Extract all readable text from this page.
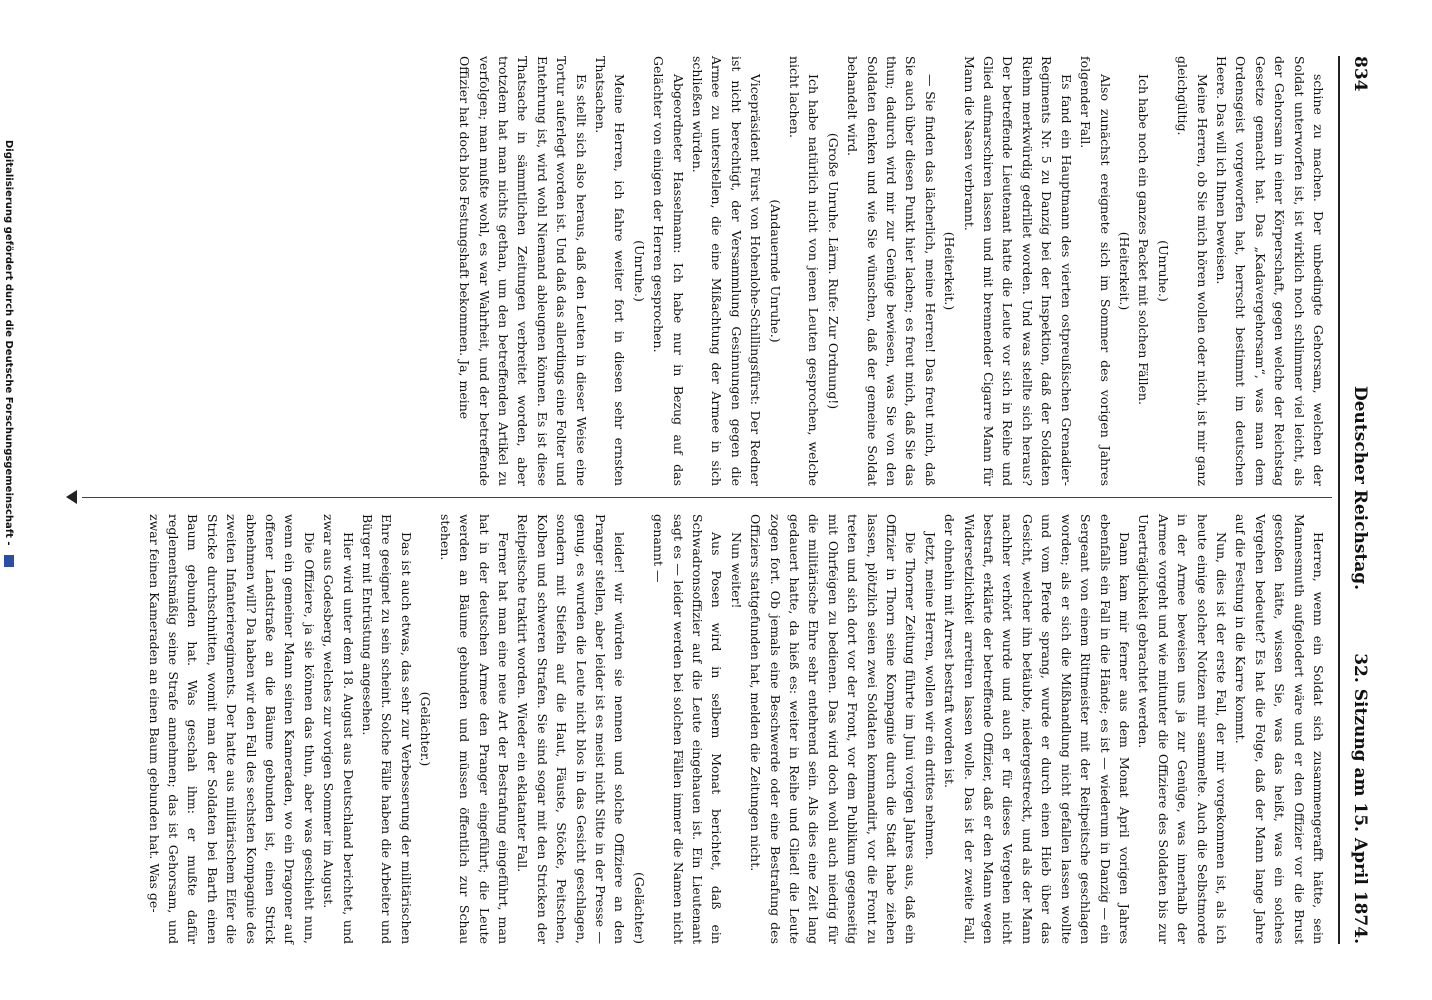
834
Deutscher Reichstag.
32. Sitzung am 15. April 1874.

schine zu machen. Der unbedingte Gehorsam, welchen der Soldat unterworfen ist, ist wirklich noch schlimmer viel leicht, als der Gehorsam in einer Körperschaft, gegen welche der Reichstag Gesetze gemacht hat. Das „Kadavergehorsam“, was man dem Ordensgeist vorgeworfen hat, herrscht bestimmt im deutschen Heere. Das will ich Ihnen beweisen.

Meine Herren, ob Sie mich hören wollen oder nicht, ist mir ganz gleichgültig.

(Unruhe.)

Ich habe noch ein ganzes Packet mit solchen Fällen.

(Heiterkeit.)

Also zunächst ereignete sich im Sommer des vorigen Jahres folgender Fall.

Es fand ein Hauptmann des vierten ostpreußischen Grenadier-Regiments Nr. 5 zu Danzig bei der Inspektion, daß der Soldaten Riehm merkwürdig gedrillet worden. Und was stellte sich heraus? Der betreffende Lieutenant hatte die Leute vor sich in Reihe und Glied aufmarschiren lassen und mit brennender Cigarre Mann für Mann die Nasen verbrannt.

(Heiterkeit.)

— Sie finden das lächerlich, meine Herren! Das freut mich, daß Sie auch über diesen Punkt hier lachen; es freut mich, daß Sie das thun; dadurch wird mir zur Genüge bewiesen, was Sie von den Soldaten denken und wie Sie wünschen, daß der gemeine Soldat behandelt wird.

(Große Unruhe. Lärm. Rufe: Zur Ordnung!)

Ich habe natürlich nicht von jenen Leuten gesprochen, welche nicht lachen.

(Andauernde Unruhe.)

Vicepräsident Fürst von Hohenlohe-Schillingsfürst: Der Redner ist nicht berechtigt, der Versammlung Gesinnungen gegen die Armee zu unterstellen, die eine Mißachtung der Armee in sich schließen würden.

Abgeordneter Hasselmann: Ich habe nur in Bezug auf das Gelächter von einigen der Herren gesprochen.

(Unruhe.)

Meine Herren, ich fahre weiter fort in diesen sehr ernsten Thatsachen.

Es stellt sich also heraus, daß den Leuten in dieser Weise eine Tortur auferlegt worden ist. Und daß das allerdings eine Folter und Entehrung ist, wird wohl Niemand ableugnen können. Es ist diese Thatsache in sämmtlichen Zeitungen verbreitet worden, aber trotzdem hat man nichts gethan, um den betreffenden Artikel zu verfolgen; man mußte wohl, es war Wahrheit, und der betreffende Offizier hat doch blos Festungshaft bekommen. Ja, meine

Herren, wenn ein Soldat sich zusammengerafft hätte, sein Mannesmuth aufgelodert wäre und er den Offizier vor die Brust gestoßen hätte, wissen Sie, was das heißt, was ein solches Vergehen bedeutet? Es hat die Folge, daß der Mann lange Jahre auf die Festung in die Karre kommt.

Nun, dies ist der erste Fall, der mir vorgekommen ist, als ich heute einige solcher Notizen mir sammelte. Auch die Selbstmorde in der Armee beweisen uns ja zur Genüge, was innerhalb der Armee vorgeht und wie mitunter die Offiziere des Soldaten bis zur Unerträglichkeit gebrachtet werden.

Dann kam mir ferner aus dem Monat April vorigen Jahres ebenfalls ein Fall in die Hände; es ist — wiederum in Danzig — ein Sergeant von einem Rittmeister mit der Reitpeitsche geschlagen worden; als er sich die Mißhandlung nicht gefallen lassen wollte und vom Pferde sprang, wurde er durch einen Hieb über das Gesicht, welcher ihn betäubte, niedergestreckt, und als der Mann nachher verhört wurde und auch er für dieses Vergehen nicht bestraft, erklärte der betreffende Offizier, daß er den Mann wegen Widersetzlichkeit arretiren lassen wolle. Das ist der zweite Fall, der ohnehin mit Arrest bestraft worden ist.

Jetzt, meine Herren, wollen wir ein drittes nehmen.

Die Thorner Zeitung führte im Juni vorigen Jahres aus, daß ein Offizier in Thorn seine Kompagnie durch die Stadt habe ziehen lassen, plötzlich seien zwei Soldaten kommandirt, vor die Front zu treten und sich dort vor der Front, vor dem Publikum gegenseitig mit Ohrfeigen zu bedienen. Das wird doch wohl auch niedrig für die militärische Ehre sehr entehrend sein. Als dies eine Zeit lang gedauert hatte, da hieß es: weiter in Reihe und Glied! die Leute zogen fort. Ob jemals eine Beschwerde oder eine Bestrafung des Offiziers stattgefunden hat, melden die Zeitungen nicht.

Nun weiter!

Aus Posen wird in selbem Monat berichtet, daß ein Schwadronsoffizier auf die Leute eingehauen ist. Ein Lieutenant sagt es — leider werden bei solchen Fällen immer die Namen nicht genannt —

(Gelächter)

leider! wir würden sie nennen und solche Offiziere an den Pranger stellen, aber leider ist es meist nicht Sitte in der Presse — genug, es wurden die Leute nicht blos in das Gesicht geschlagen, sondern mit Stiefeln auf die Haut, Fäuste, Stöcke, Peitschen, Kolben und schweren Strafen. Sie sind sogar mit den Stricken der Reitpeitsche traktirt worden. Wieder ein eklatanter Fall.

Ferner hat man eine neue Art der Bestrafung eingeführt, man hat in der deutschen Armee den Pranger eingeführt; die Leute werden an Bäume gebunden und müssen öffentlich zur Schau stehen.

(Gelächter.)

Das ist auch etwas, das sehr zur Verbesserung der militärischen Ehre geeignet zu sein scheint. Solche Fälle haben die Arbeiter und Bürger mit Entrüstung angesehen.

Hier wird unter dem 18. August aus Deutschland berichtet, und zwar aus Godesberg, welches zur vorigen Sommer im August.

Die Offiziere, ja sie können das thun, aber was geschieht nun, wenn ein gemeiner Mann seinen Kameraden, wo ein Dragoner auf offener Landstraße an die Bäume gebunden ist, einen Strick abnehmen will? Da haben wir den Fall des sechsten Kompagnie des zweiten Infanterieregiments. Der hatte aus militärischem Eifer die Stricke durchschnitten, womit man der Soldaten bei Barth einen Baum gebunden hat. Was geschah ihm: er mußte dafür reglementsmäßig seine Strafe annehmen; das ist Gehorsam, und zwar feinen Kameraden an einen Baum gebunden hat. Was ge-

Digitalisierung gefördert durch die Deutsche Forschungsgemeinschaft -
